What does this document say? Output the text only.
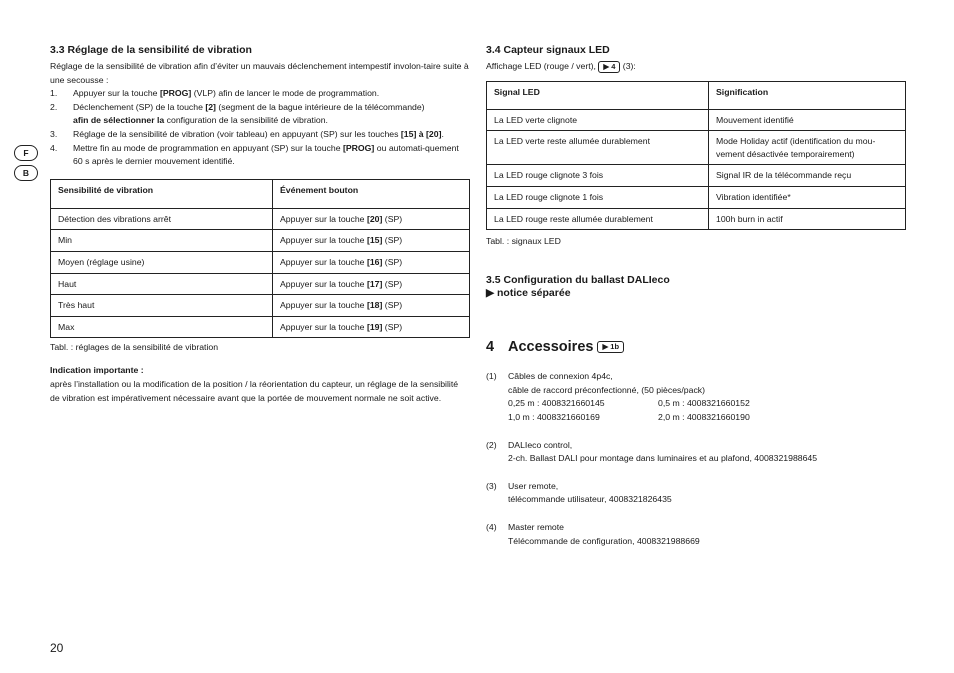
F
B
3.3 Réglage de la sensibilité de vibration

Réglage de la sensibilité de vibration afin d’éviter un mauvais déclenchement intempestif involon-taire suite à une secousse :

1. Appuyer sur la touche [PROG] (VLP) afin de lancer le mode de programmation.
2. Déclenchement (SP) de la touche [2] (segment de la bague intérieure de la télécommande)
afin de sélectionner la configuration de la sensibilité de vibration.
3. Réglage de la sensibilité de vibration (voir tableau) en appuyant (SP) sur les touches [15] à [20].
4. Mettre fin au mode de programmation en appuyant (SP) sur la touche [PROG] ou automati-quement 60 s après le dernier mouvement identifié.
Sensibilité de vibration	Événement bouton
Détection des vibrations arrêt	Appuyer sur la touche [20] (SP)
Min	Appuyer sur la touche [15] (SP)
Moyen (réglage usine)	Appuyer sur la touche [16] (SP)
Haut	Appuyer sur la touche [17] (SP)
Très haut	Appuyer sur la touche [18] (SP)
Max	Appuyer sur la touche [19] (SP)
Tabl. : réglages de la sensibilité de vibration

Indication importante :

après l’installation ou la modification de la position / la réorientation du capteur, un réglage de la sensibilité de vibration est impérativement nécessaire avant que la portée de mouvement normale ne soit active.

3.4 Capteur signaux LED

Affichage LED (rouge / vert), ▶ 4 (3):

Signal LED	Signification
La LED verte clignote	Mouvement identifié
La LED verte reste allumée durablement	Mode Holiday actif (identification du mou-vement désactivée temporairement)
La LED rouge clignote 3 fois	Signal IR de la télécommande reçu
La LED rouge clignote 1 fois	Vibration identifiée*
La LED rouge reste allumée durablement	100h burn in actif
Tabl. : signaux LED
3.5 Configuration du ballast DALIeco
▶ notice séparée
4 Accessoires	▶ 1b
(1) Câbles de connexion 4p4c,
câble de raccord préconfectionné, (50 pièces/pack)
0,25 m : 4008321660145	0,5 m : 4008321660152
1,0 m : 4008321660169	2,0 m : 4008321660190
(2) DALIeco control,
2-ch. Ballast DALI pour montage dans luminaires et au plafond, 4008321988645
(3) User remote,
télécommande utilisateur, 4008321826435
(4) Master remote
Télécommande de configuration, 4008321988669
20
